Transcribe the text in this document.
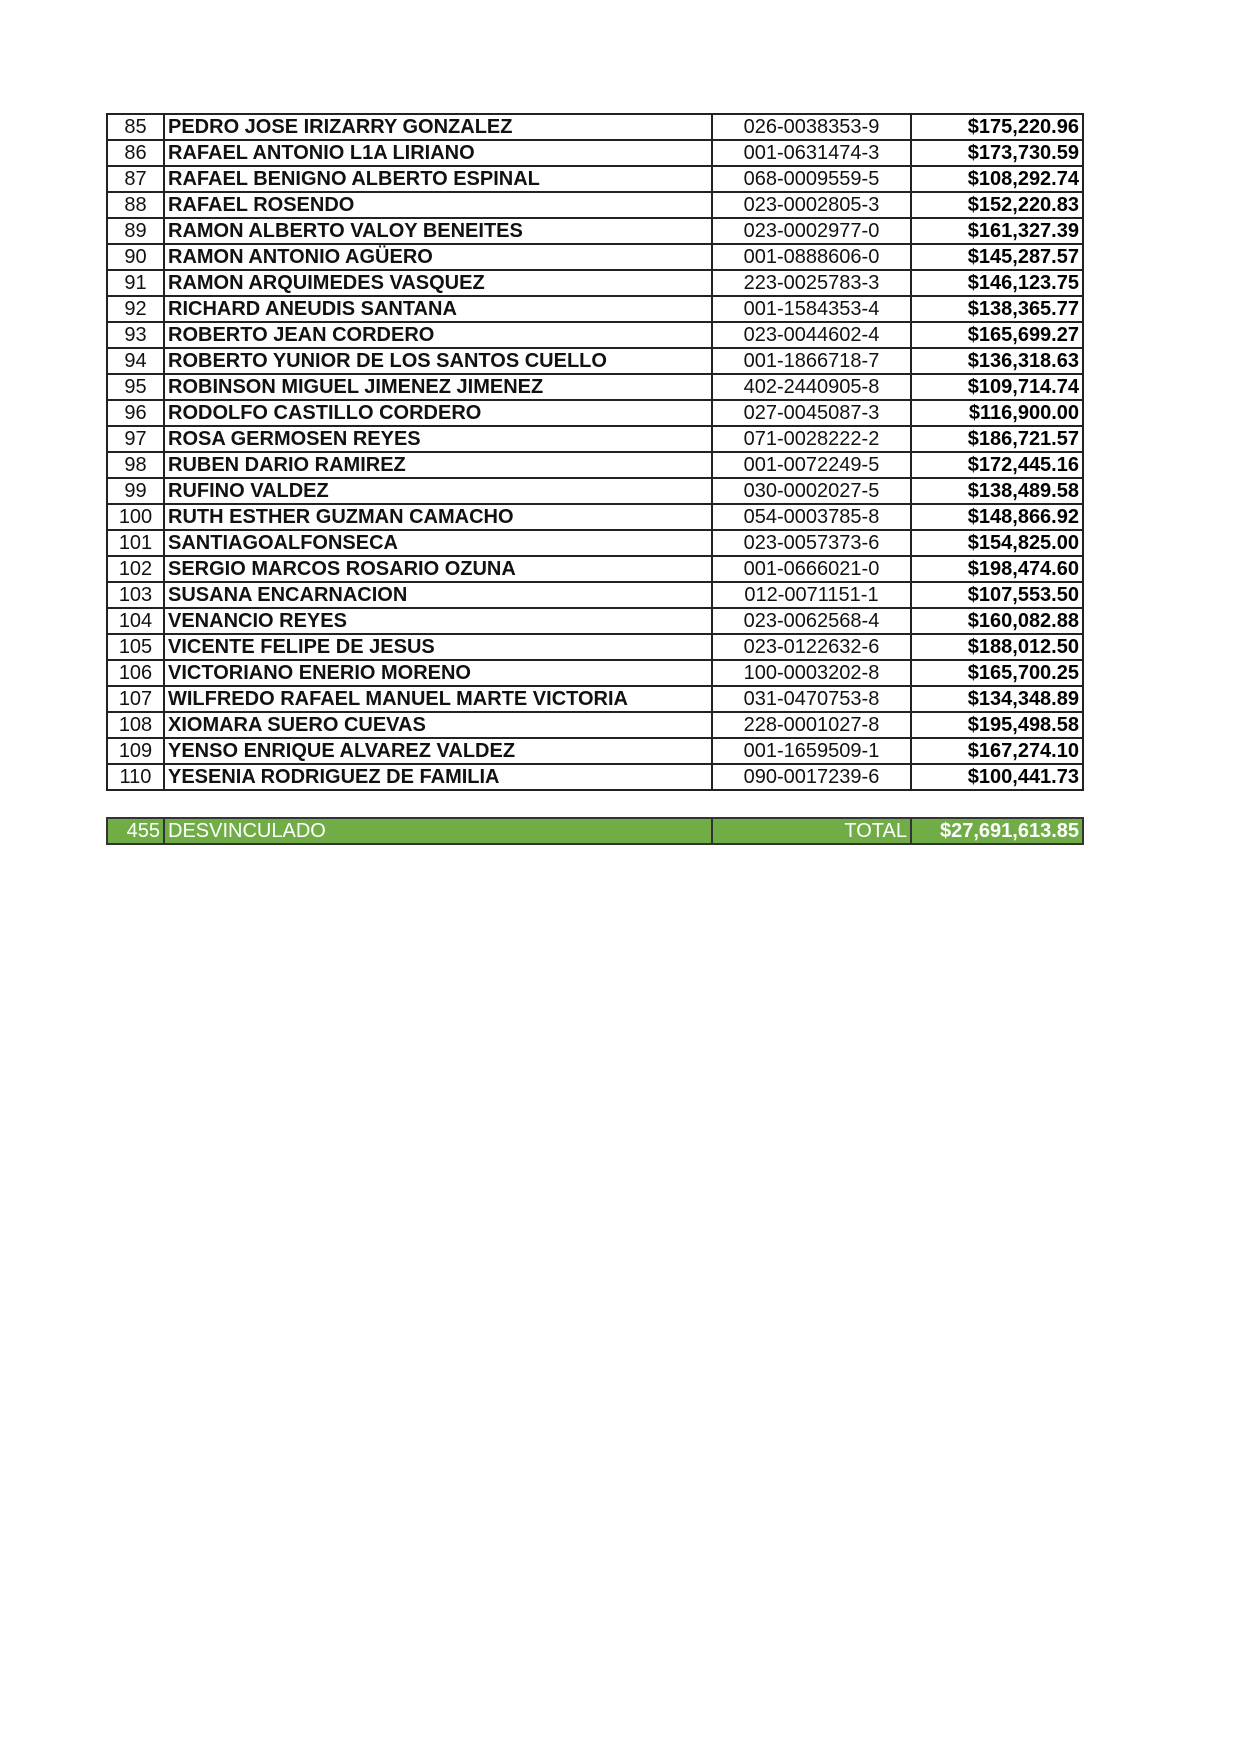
85	PEDRO JOSE IRIZARRY GONZALEZ	026-0038353-9	$175,220.96
86	RAFAEL ANTONIO L1A LIRIANO	001-0631474-3	$173,730.59
87	RAFAEL BENIGNO ALBERTO ESPINAL	068-0009559-5	$108,292.74
88	RAFAEL ROSENDO	023-0002805-3	$152,220.83
89	RAMON ALBERTO VALOY BENEITES	023-0002977-0	$161,327.39
90	RAMON ANTONIO AGÜERO	001-0888606-0	$145,287.57
91	RAMON ARQUIMEDES VASQUEZ	223-0025783-3	$146,123.75
92	RICHARD ANEUDIS SANTANA	001-1584353-4	$138,365.77
93	ROBERTO JEAN CORDERO	023-0044602-4	$165,699.27
94	ROBERTO YUNIOR DE LOS SANTOS CUELLO	001-1866718-7	$136,318.63
95	ROBINSON MIGUEL JIMENEZ JIMENEZ	402-2440905-8	$109,714.74
96	RODOLFO CASTILLO CORDERO	027-0045087-3	$116,900.00
97	ROSA GERMOSEN REYES	071-0028222-2	$186,721.57
98	RUBEN DARIO RAMIREZ	001-0072249-5	$172,445.16
99	RUFINO VALDEZ	030-0002027-5	$138,489.58
100	RUTH ESTHER GUZMAN CAMACHO	054-0003785-8	$148,866.92
101	SANTIAGOALFONSECA	023-0057373-6	$154,825.00
102	SERGIO MARCOS ROSARIO OZUNA	001-0666021-0	$198,474.60
103	SUSANA ENCARNACION	012-0071151-1	$107,553.50
104	VENANCIO REYES	023-0062568-4	$160,082.88
105	VICENTE FELIPE DE JESUS	023-0122632-6	$188,012.50
106	VICTORIANO ENERIO MORENO	100-0003202-8	$165,700.25
107	WILFREDO RAFAEL MANUEL MARTE VICTORIA	031-0470753-8	$134,348.89
108	XIOMARA SUERO CUEVAS	228-0001027-8	$195,498.58
109	YENSO ENRIQUE ALVAREZ VALDEZ	001-1659509-1	$167,274.10
110	YESENIA RODRIGUEZ DE FAMILIA	090-0017239-6	$100,441.73
455	DESVINCULADO	TOTAL	$27,691,613.85
